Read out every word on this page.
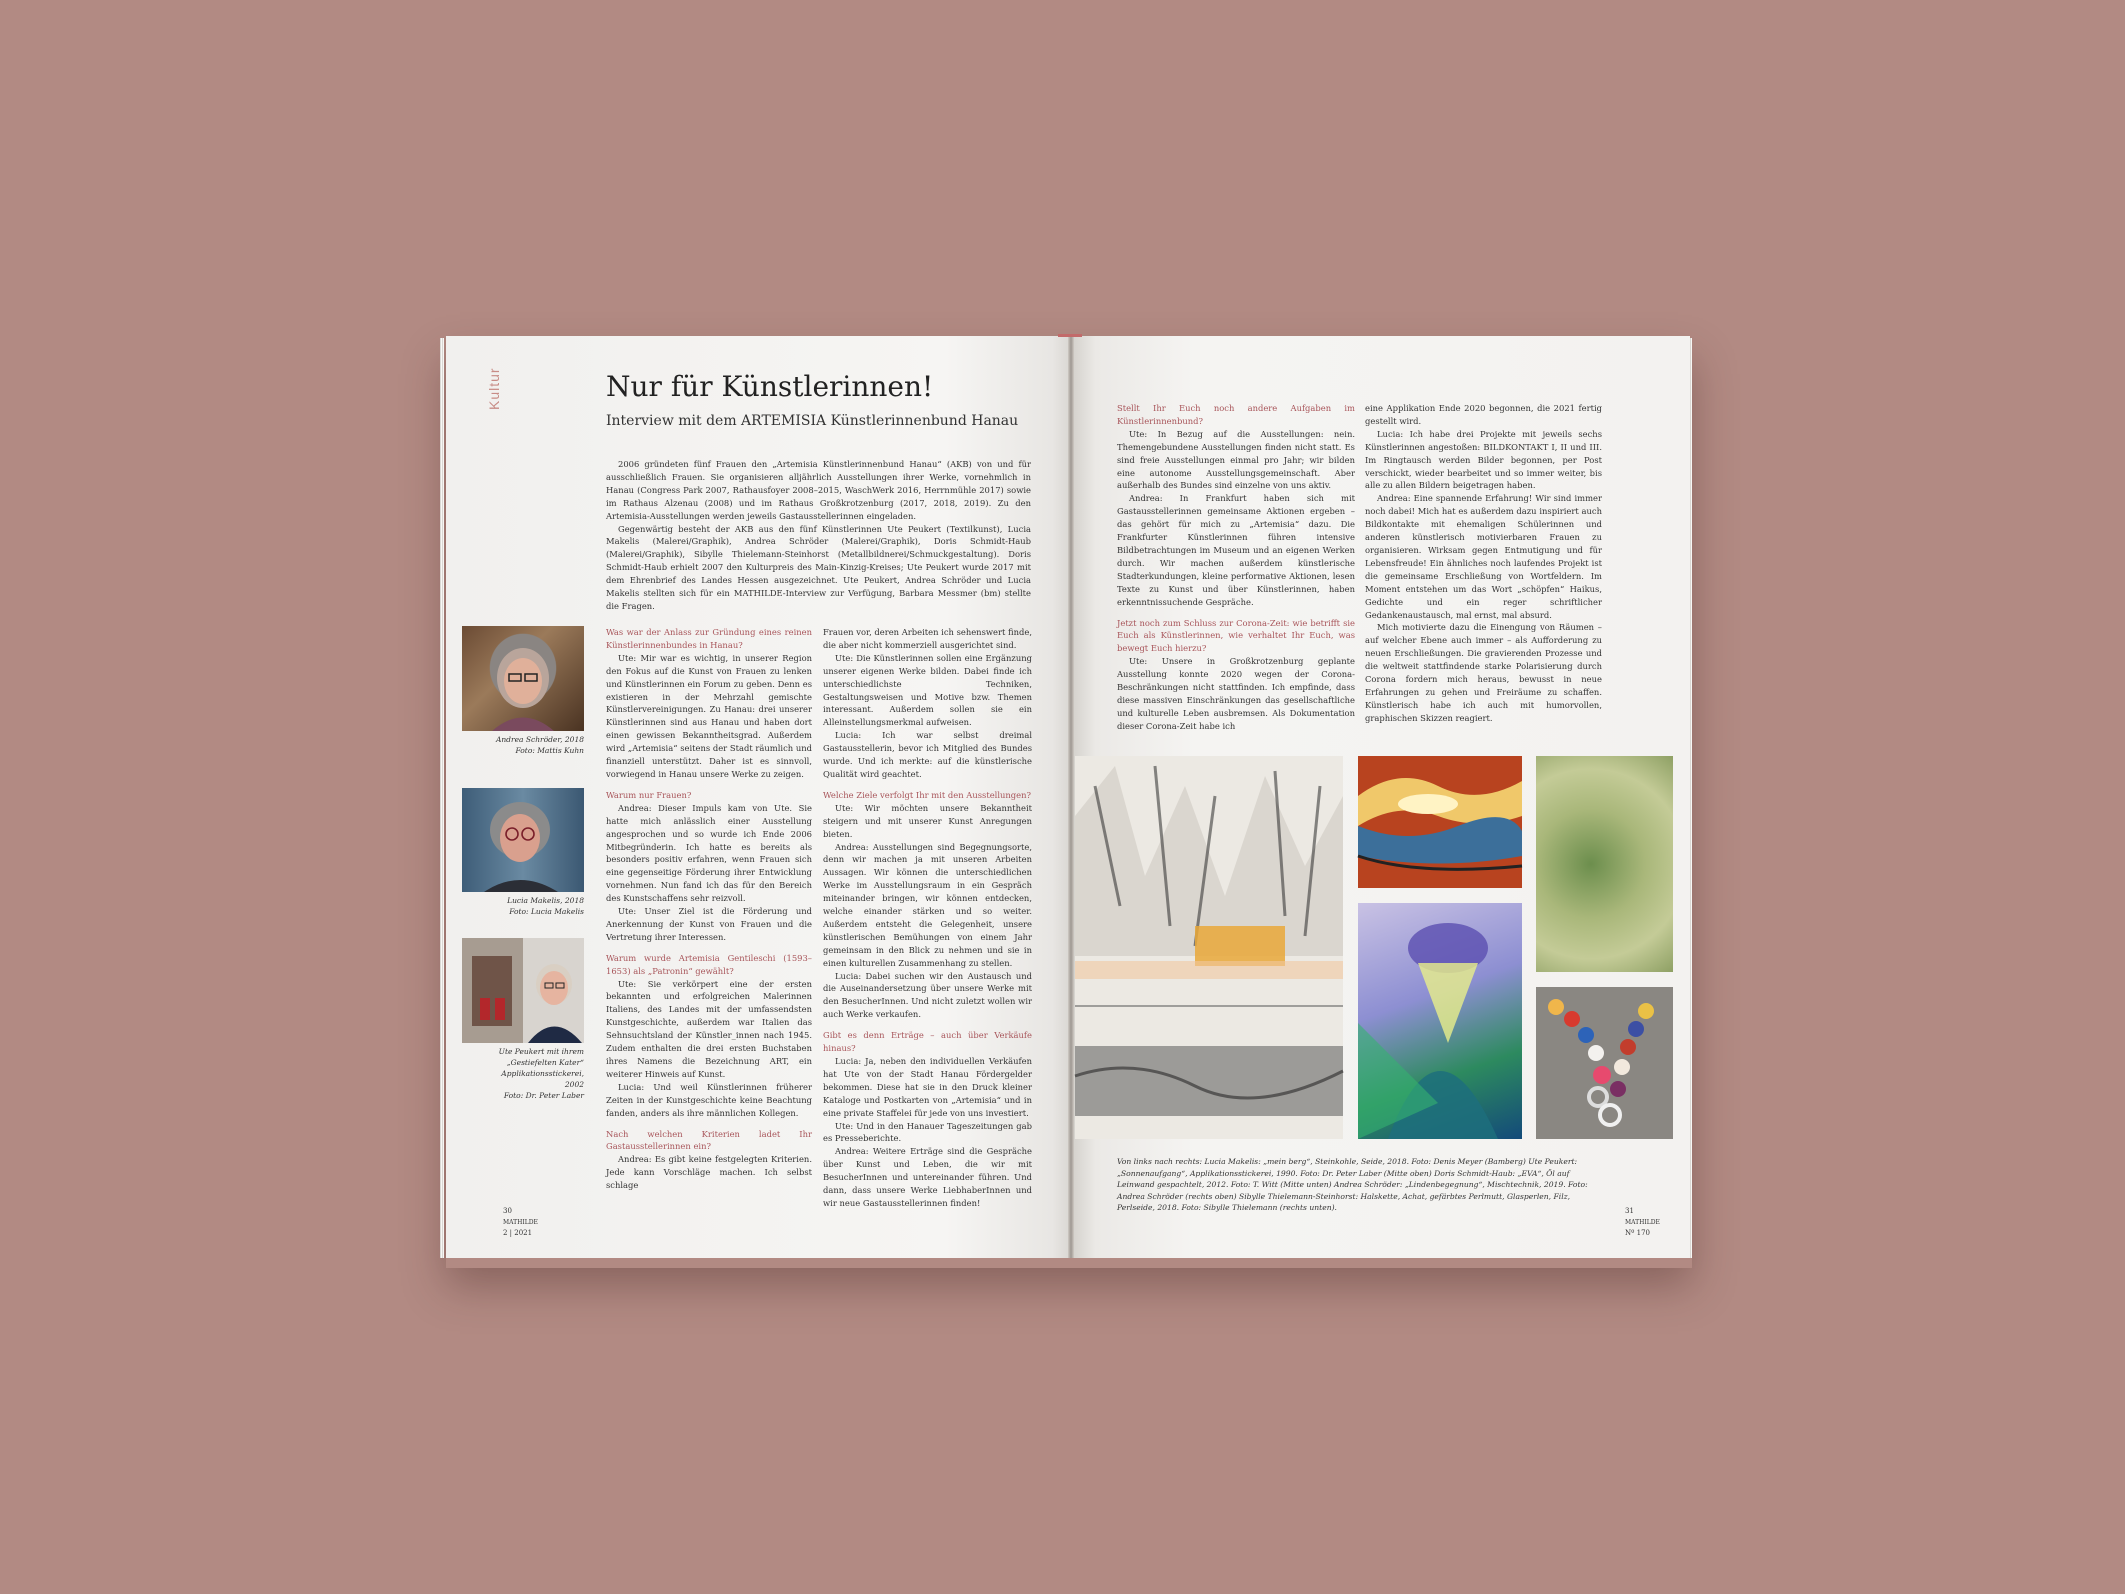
Kultur	Nur für Künstlerinnen!
Interview mit dem ARTEMISIA Künstlerinnenbund Hanau

2006 gründeten fünf Frauen den „Artemisia Künstlerinnenbund Hanau“ (AKB) von und für ausschließlich Frauen. Sie organisieren alljährlich Ausstellungen ihrer Werke, vornehmlich in Hanau (Congress Park 2007, Rathausfoyer 2008–2015, WaschWerk 2016, Herrnmühle 2017) sowie im Rathaus Alzenau (2008) und im Rathaus Großkrotzenburg (2017, 2018, 2019). Zu den Artemisia-Ausstellungen werden jeweils Gastausstellerinnen eingeladen.

Gegenwärtig besteht der AKB aus den fünf Künstlerinnen Ute Peukert (Textilkunst), Lucia Makelis (Malerei/Graphik), Andrea Schröder (Malerei/Graphik), Doris Schmidt-Haub (Malerei/Graphik), Sibylle Thielemann-Steinhorst (Metallbildnerei/Schmuckgestaltung). Doris Schmidt-Haub erhielt 2007 den Kulturpreis des Main-Kinzig-Kreises; Ute Peukert wurde 2017 mit dem Ehrenbrief des Landes Hessen ausgezeichnet. Ute Peukert, Andrea Schröder und Lucia Makelis stellten sich für ein MATHILDE-Interview zur Verfügung, Barbara Messmer (bm) stellte die Fragen.

Andrea Schröder, 2018
Foto: Mattis Kuhn
Lucia Makelis, 2018
Foto: Lucia Makelis
Ute Peukert mit ihrem
„Gestiefelten Kater“
Applikationsstickerei,
2002
Foto: Dr. Peter Laber

Was war der Anlass zur Gründung eines reinen Künstlerinnenbundes in Hanau?

Ute: Mir war es wichtig, in unserer Region den Fokus auf die Kunst von Frauen zu lenken und Künstlerinnen ein Forum zu geben. Denn es existieren in der Mehrzahl gemischte Künstlervereinigungen. Zu Hanau: drei unserer Künstlerinnen sind aus Hanau und haben dort einen gewissen Bekanntheitsgrad. Außerdem wird „Artemisia“ seitens der Stadt räumlich und finanziell unterstützt. Daher ist es sinnvoll, vorwiegend in Hanau unsere Werke zu zeigen.

Warum nur Frauen?

Andrea: Dieser Impuls kam von Ute. Sie hatte mich anlässlich einer Ausstellung angesprochen und so wurde ich Ende 2006 Mitbegründerin. Ich hatte es bereits als besonders positiv erfahren, wenn Frauen sich eine gegenseitige Förderung ihrer Entwicklung vornehmen. Nun fand ich das für den Bereich des Kunstschaffens sehr reizvoll.

Ute: Unser Ziel ist die Förderung und Anerkennung der Kunst von Frauen und die Vertretung ihrer Interessen.

Warum wurde Artemisia Gentileschi (1593–1653) als „Patronin“ gewählt?

Ute: Sie verkörpert eine der ersten bekannten und erfolgreichen Malerinnen Italiens, des Landes mit der umfassendsten Kunstgeschichte, außerdem war Italien das Sehnsuchtsland der Künstler_innen nach 1945. Zudem enthalten die drei ersten Buchstaben ihres Namens die Bezeichnung ART, ein weiterer Hinweis auf Kunst.

Lucia: Und weil Künstlerinnen früherer Zeiten in der Kunstgeschichte keine Beachtung fanden, anders als ihre männlichen Kollegen.

Nach welchen Kriterien ladet Ihr Gastausstellerinnen ein?

Andrea: Es gibt keine festgelegten Kriterien. Jede kann Vorschläge machen. Ich selbst schlage

Frauen vor, deren Arbeiten ich sehenswert finde, die aber nicht kommerziell ausgerichtet sind.

Ute: Die Künstlerinnen sollen eine Ergänzung unserer eigenen Werke bilden. Dabei finde ich unterschiedlichste Techniken, Gestaltungsweisen und Motive bzw. Themen interessant. Außerdem sollen sie ein Alleinstellungsmerkmal aufweisen.

Lucia: Ich war selbst dreimal Gastausstellerin, bevor ich Mitglied des Bundes wurde. Und ich merkte: auf die künstlerische Qualität wird geachtet.

Welche Ziele verfolgt Ihr mit den Ausstellungen?

Ute: Wir möchten unsere Bekanntheit steigern und mit unserer Kunst Anregungen bieten.

Andrea: Ausstellungen sind Begegnungsorte, denn wir machen ja mit unseren Arbeiten Aussagen. Wir können die unterschiedlichen Werke im Ausstellungsraum in ein Gespräch miteinander bringen, wir können entdecken, welche einander stärken und so weiter. Außerdem entsteht die Gelegenheit, unsere künstlerischen Bemühungen von einem Jahr gemeinsam in den Blick zu nehmen und sie in einen kulturellen Zusammenhang zu stellen.

Lucia: Dabei suchen wir den Austausch und die Auseinandersetzung über unsere Werke mit den BesucherInnen. Und nicht zuletzt wollen wir auch Werke verkaufen.

Gibt es denn Erträge – auch über Verkäufe hinaus?

Lucia: Ja, neben den individuellen Verkäufen hat Ute von der Stadt Hanau Fördergelder bekommen. Diese hat sie in den Druck kleiner Kataloge und Postkarten von „Artemisia“ und in eine private Staffelei für jede von uns investiert.

Ute: Und in den Hanauer Tageszeitungen gab es Presseberichte.

Andrea: Weitere Erträge sind die Gespräche über Kunst und Leben, die wir mit BesucherInnen und untereinander führen. Und dann, dass unsere Werke LiebhaberInnen und wir neue Gastausstellerinnen finden!

30
MATHILDE
2 | 2021

Stellt Ihr Euch noch andere Aufgaben im Künstlerinnenbund?

Ute: In Bezug auf die Ausstellungen: nein. Themengebundene Ausstellungen finden nicht statt. Es sind freie Ausstellungen einmal pro Jahr; wir bilden eine autonome Ausstellungsgemeinschaft. Aber außerhalb des Bundes sind einzelne von uns aktiv.

Andrea: In Frankfurt haben sich mit Gastausstellerinnen gemeinsame Aktionen ergeben – das gehört für mich zu „Artemisia“ dazu. Die Frankfurter Künstlerinnen führen intensive Bildbetrachtungen im Museum und an eigenen Werken durch. Wir machen außerdem künstlerische Stadterkundungen, kleine performative Aktionen, lesen Texte zu Kunst und über Künstlerinnen, haben erkenntnissuchende Gespräche.

Jetzt noch zum Schluss zur Corona-Zeit: wie betrifft sie Euch als Künstlerinnen, wie verhaltet Ihr Euch, was bewegt Euch hierzu?

Ute: Unsere in Großkrotzenburg geplante Ausstellung konnte 2020 wegen der Corona-Beschränkungen nicht stattfinden. Ich empfinde, dass diese massiven Einschränkungen das gesellschaftliche und kulturelle Leben ausbremsen. Als Dokumentation dieser Corona-Zeit habe ich

eine Applikation Ende 2020 begonnen, die 2021 fertig gestellt wird.

Lucia: Ich habe drei Projekte mit jeweils sechs Künstlerinnen angestoßen: BILDKONTAKT I, II und III. Im Ringtausch werden Bilder begonnen, per Post verschickt, wieder bearbeitet und so immer weiter, bis alle zu allen Bildern beigetragen haben.

Andrea: Eine spannende Erfahrung! Wir sind immer noch dabei! Mich hat es außerdem dazu inspiriert auch Bildkontakte mit ehemaligen Schülerinnen und anderen künstlerisch motivierbaren Frauen zu organisieren. Wirksam gegen Entmutigung und für Lebensfreude! Ein ähnliches noch laufendes Projekt ist die gemeinsame Erschließung von Wortfeldern. Im Moment entstehen um das Wort „schöpfen“ Haikus, Gedichte und ein reger schriftlicher Gedankenaustausch, mal ernst, mal absurd.

Mich motivierte dazu die Einengung von Räumen – auf welcher Ebene auch immer – als Aufforderung zu neuen Erschließungen. Die gravierenden Prozesse und die weltweit stattfindende starke Polarisierung durch Corona fordern mich heraus, bewusst in neue Erfahrungen zu gehen und Freiräume zu schaffen. Künstlerisch habe ich auch mit humorvollen, graphischen Skizzen reagiert.

Von links nach rechts: Lucia Makelis: „mein berg“, Steinkohle, Seide, 2018. Foto: Denis Meyer (Bamberg) Ute Peukert: „Sonnenaufgang“, Applikationsstickerei, 1990. Foto: Dr. Peter Laber (Mitte oben) Doris Schmidt-Haub: „EVA“, Öl auf Leinwand gespachtelt, 2012. Foto: T. Witt (Mitte unten) Andrea Schröder: „Lindenbegegnung“, Mischtechnik, 2019. Foto: Andrea Schröder (rechts oben) Sibylle Thielemann-Steinhorst: Halskette, Achat, gefärbtes Perlmutt, Glasperlen, Filz, Perlseide, 2018. Foto: Sibylle Thielemann (rechts unten).	31
MATHILDE
Nº 170
